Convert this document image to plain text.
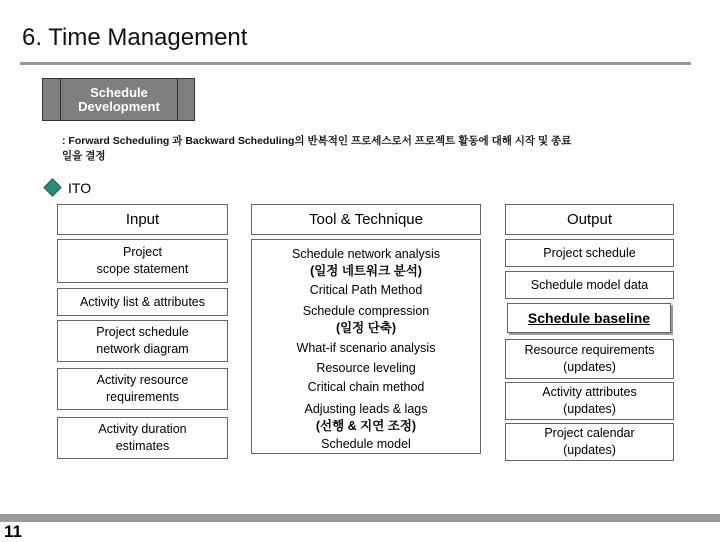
6. Time Management
Schedule
Development
: Forward Scheduling 과 Backward Scheduling의 반복적인 프로세스로서 프로젝트 활동에 대해 시작 및 종료
일을 결정
ITO
Input	Tool & Technique	Output
Project
scope statement
Activity list & attributes
Project schedule
network diagram
Activity resource
requirements
Activity duration
estimates
Schedule network analysis
(일정 네트워크 분석)
Critical Path Method
Schedule compression
(일정 단축)
What-if scenario analysis
Resource leveling
Critical chain method
Adjusting leads & lags
(선행 & 지연 조정)
Schedule model
Project schedule
Schedule model data
Schedule baseline
Resource requirements
(updates)
Activity attributes
(updates)
Project calendar
(updates)
11
